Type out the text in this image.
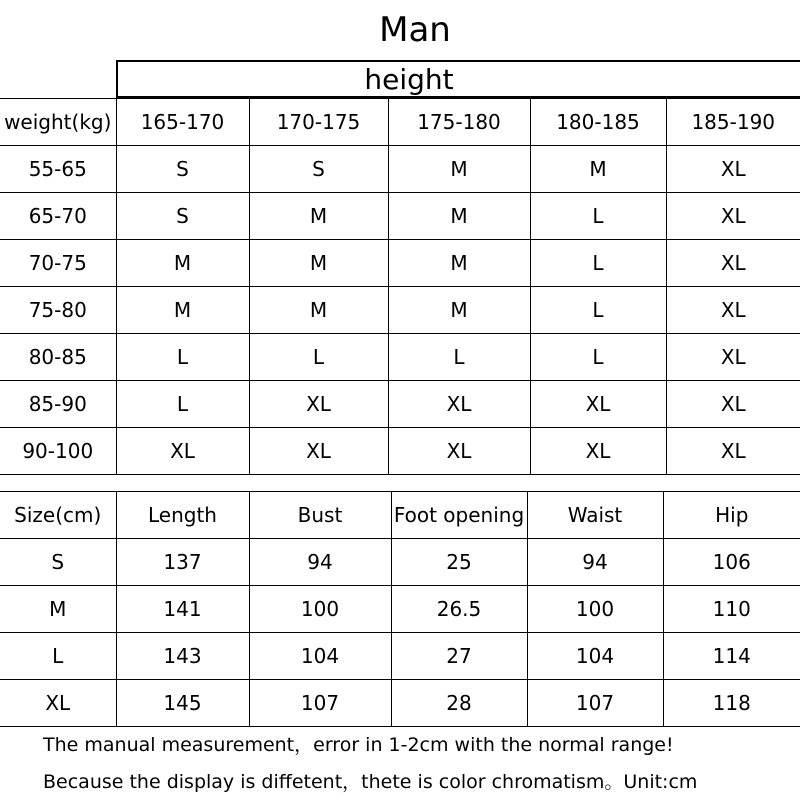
Man
height
weight(kg)	165-170	170-175	175-180	180-185	185-190
55-65	S	S	M	M	XL
65-70	S	M	M	L	XL
70-75	M	M	M	L	XL
75-80	M	M	M	L	XL
80-85	L	L	L	L	XL
85-90	L	XL	XL	XL	XL
90-100	XL	XL	XL	XL	XL
Size(cm)	Length	Bust	Foot opening	Waist	Hip
S	137	94	25	94	106
M	141	100	26.5	100	110
L	143	104	27	104	114
XL	145	107	28	107	118
The manual measurement，error in 1-2cm with the normal range!
Because the display is diffetent，thete is color chromatism。Unit:cm
